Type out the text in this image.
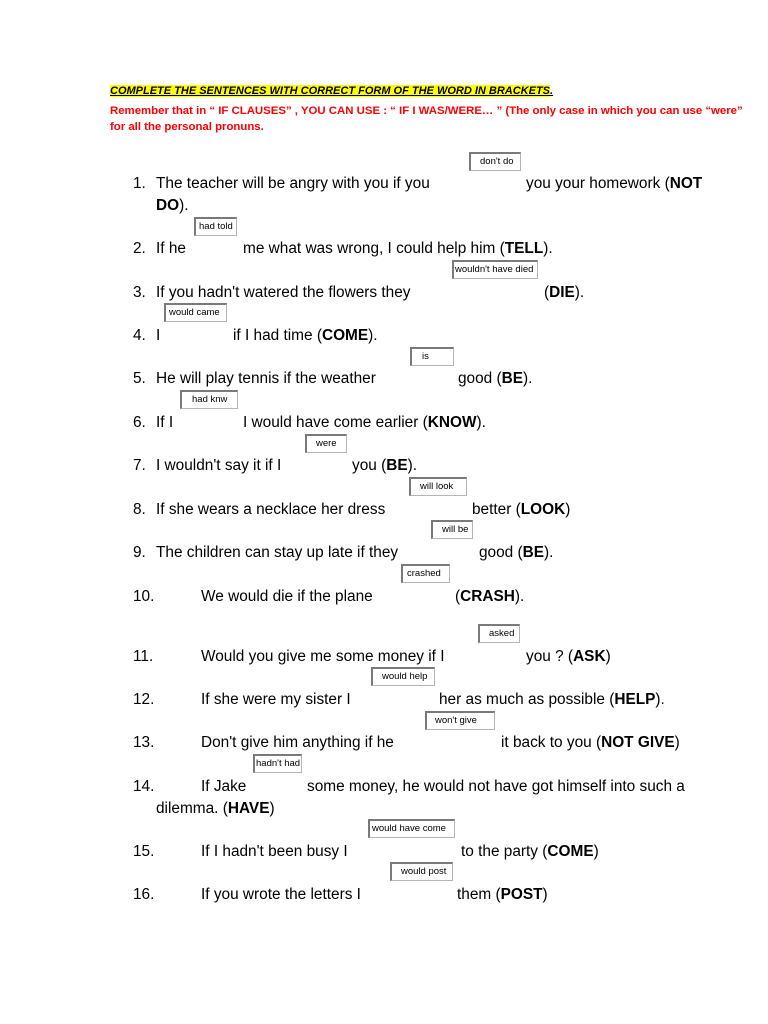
COMPLETE THE SENTENCES WITH CORRECT FORM OF THE WORD IN BRACKETS.
Remember that in “ IF CLAUSES” , YOU CAN USE : “ IF I WAS/WERE… ” (The only case in which you can use “were” for all the personal pronuns.
don't do
1. The teacher will be angry with you if you	you your homework (NOT
DO).
had told
2. If he	me what was wrong, I could help him (TELL).
wouldn't have died
3. If you hadn't watered the flowers they	(DIE).
would came
4. I	if I had time (COME).
is
5. He will play tennis if the weather	good (BE).
had knw
6. If I	I would have come earlier (KNOW).
were
7. I wouldn't say it if I	you (BE).
will look
8. If she wears a necklace her dress	better (LOOK)
will be
9. The children can stay up late if they	good (BE).
crashed
10.	We would die if the plane	(CRASH).
asked
11.	Would you give me some money if I	you ? (ASK)
would help
12.	If she were my sister I	her as much as possible (HELP).
won't give
13.	Don't give him anything if he	it back to you (NOT GIVE)
hadn't had
14.	If Jake	some money, he would not have got himself into such a
dilemma. (HAVE)
would have come
15.	If I hadn't been busy I	to the party (COME)
would post
16.	If you wrote the letters I	them (POST)
